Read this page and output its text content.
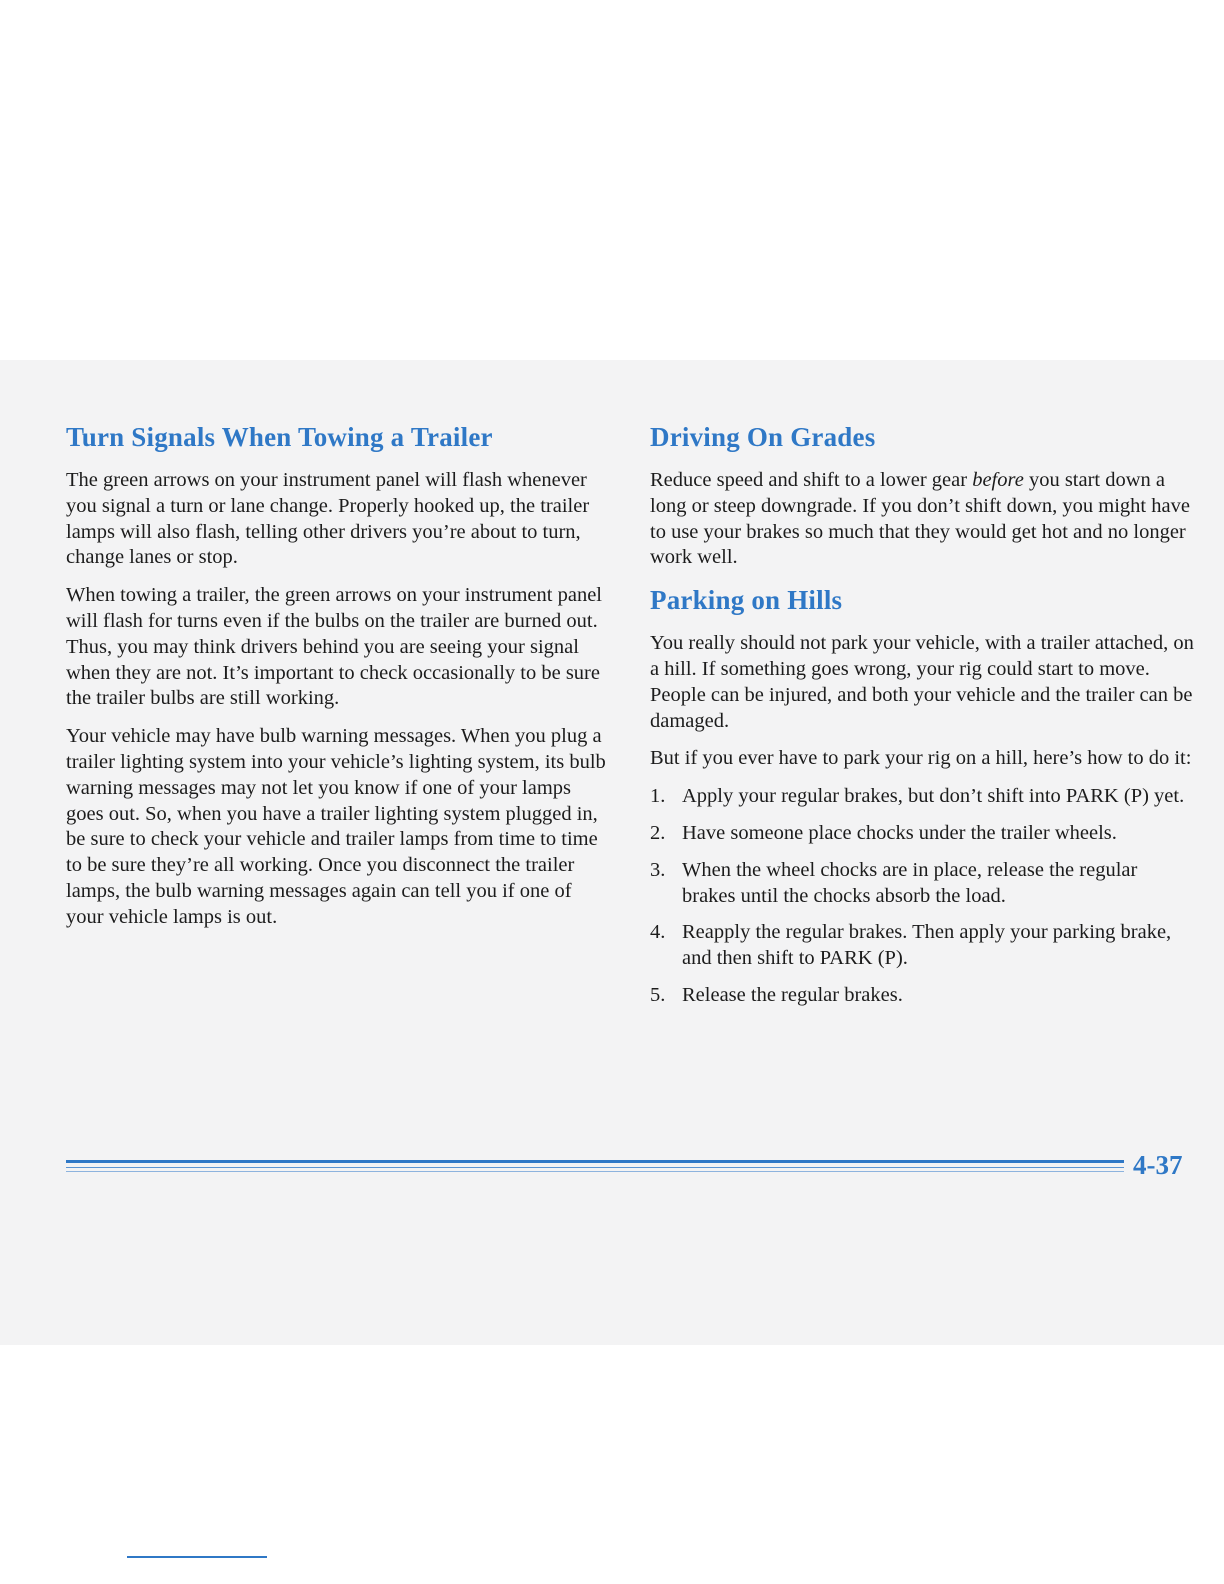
Turn Signals When Towing a Trailer

The green arrows on your instrument panel will flash whenever you signal a turn or lane change. Properly hooked up, the trailer lamps will also flash, telling other drivers you’re about to turn, change lanes or stop.

When towing a trailer, the green arrows on your instrument panel will flash for turns even if the bulbs on the trailer are burned out. Thus, you may think drivers behind you are seeing your signal when they are not. It’s important to check occasionally to be sure the trailer bulbs are still working.

Your vehicle may have bulb warning messages. When you plug a trailer lighting system into your vehicle’s lighting system, its bulb warning messages may not let you know if one of your lamps goes out. So, when you have a trailer lighting system plugged in, be sure to check your vehicle and trailer lamps from time to time to be sure they’re all working. Once you disconnect the trailer lamps, the bulb warning messages again can tell you if one of your vehicle lamps is out.

Driving On Grades

Reduce speed and shift to a lower gear before you start down a long or steep downgrade. If you don’t shift down, you might have to use your brakes so much that they would get hot and no longer work well.

Parking on Hills

You really should not park your vehicle, with a trailer attached, on a hill. If something goes wrong, your rig could start to move. People can be injured, and both your vehicle and the trailer can be damaged.

But if you ever have to park your rig on a hill, here’s how to do it:

1. Apply your regular brakes, but don’t shift into PARK (P) yet.
2. Have someone place chocks under the trailer wheels.
3. When the wheel chocks are in place, release the regular brakes until the chocks absorb the load.
4. Reapply the regular brakes. Then apply your parking brake, and then shift to PARK (P).
5. Release the regular brakes.
4-37
